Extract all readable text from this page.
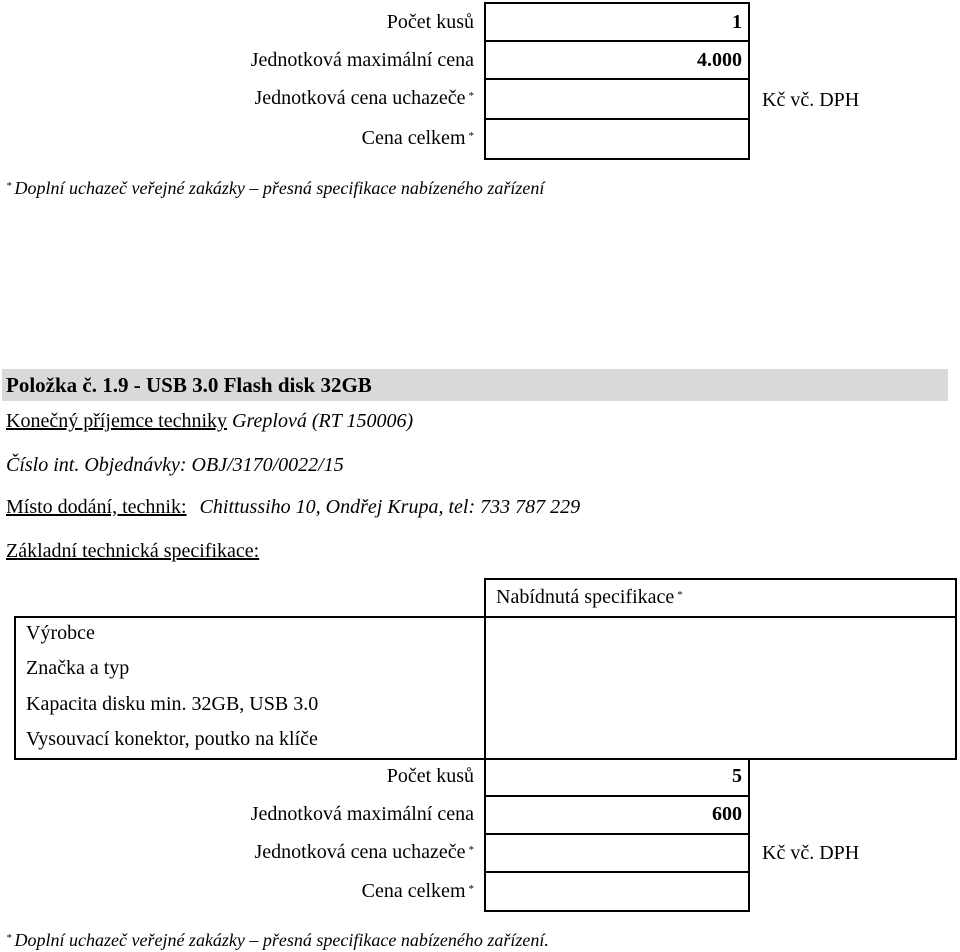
Počet kusů
Jednotková maximální cena
Jednotková cena uchazeče *
Cena celkem *
1
4.000
Kč vč. DPH
* Doplní uchazeč veřejné zakázky – přesná specifikace nabízeného zařízení
Položka č. 1.9 - USB 3.0 Flash disk 32GB
Konečný příjemce techniky Greplová (RT 150006)
Číslo int. Objednávky: OBJ/3170/0022/15
Místo dodání, technik: Chittussiho 10, Ondřej Krupa, tel: 733 787 229
Základní technická specifikace:
Nabídnutá specifikace *
Výrobce
Značka a typ
Kapacita disku min. 32GB, USB 3.0
Vysouvací konektor, poutko na klíče
Počet kusů
Jednotková maximální cena
Jednotková cena uchazeče *
Cena celkem *
5
600
Kč vč. DPH
* Doplní uchazeč veřejné zakázky – přesná specifikace nabízeného zařízení.
